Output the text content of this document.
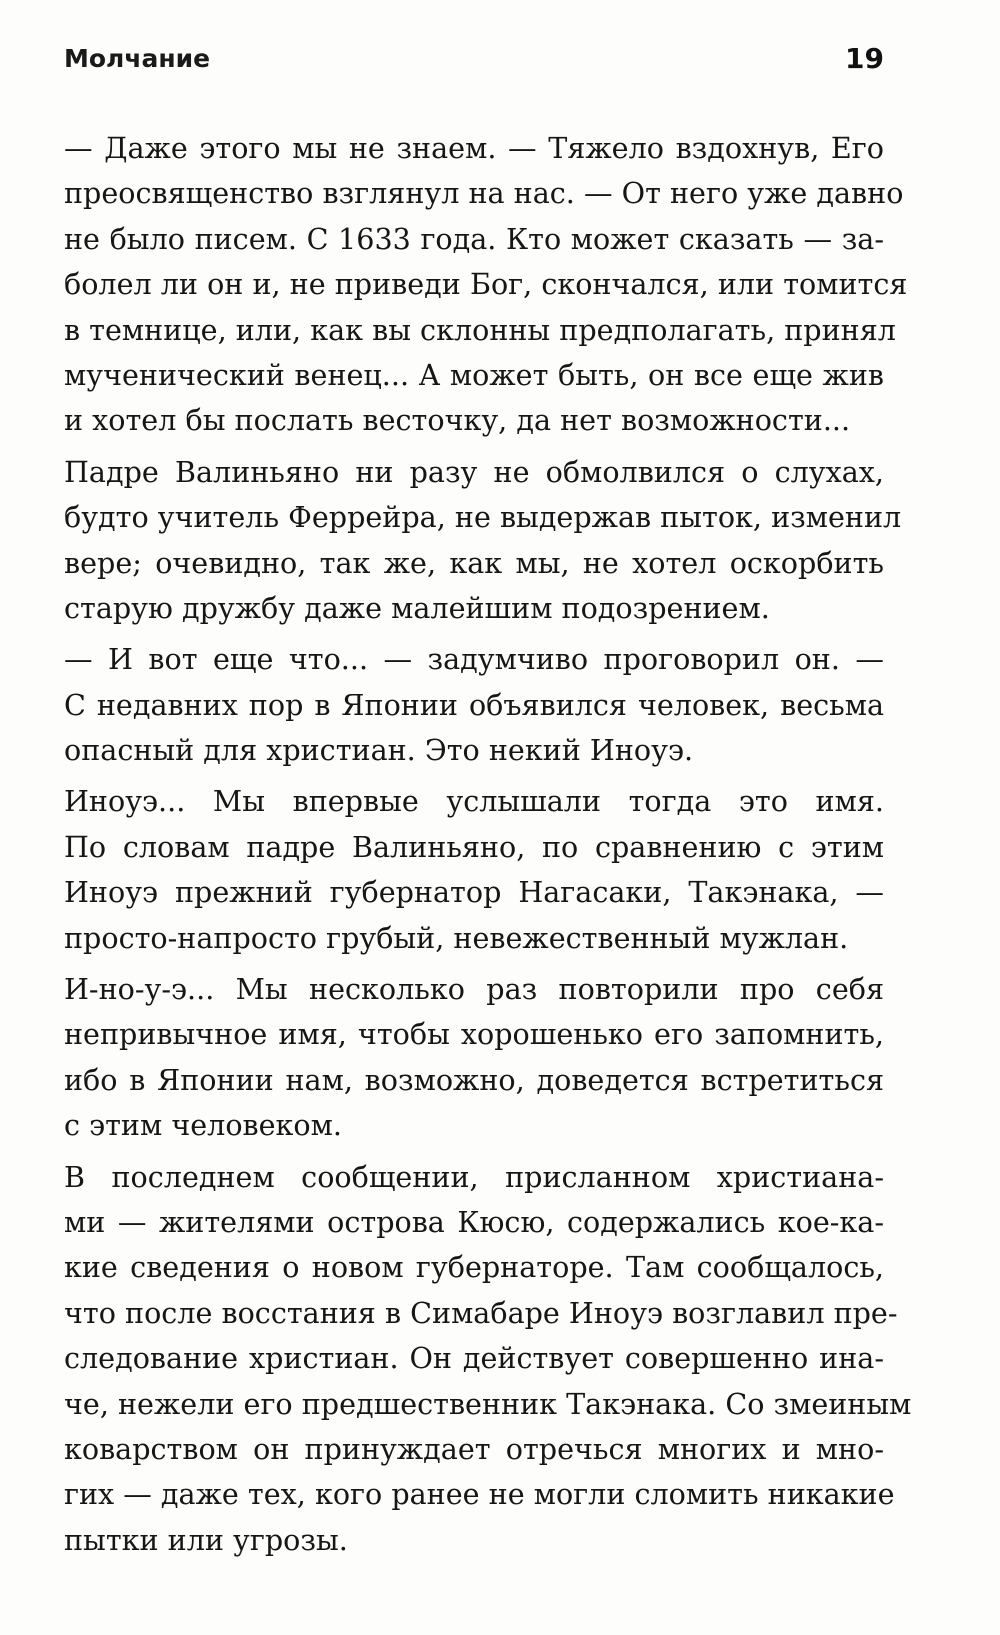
Молчание	19
— Даже этого мы не знаем. — Тяжело вздохнув, Его
преосвященство взглянул на нас. — От него уже давно
не было писем. С 1633 года. Кто может сказать — за-
болел ли он и, не приведи Бог, скончался, или томится
в темнице, или, как вы склонны предполагать, принял
мученический венец... А может быть, он все еще жив
и хотел бы послать весточку, да нет возможности...
Падре Валиньяно ни разу не обмолвился о слухах,
будто учитель Феррейра, не выдержав пыток, изменил
вере; очевидно, так же, как мы, не хотел оскорбить
старую дружбу даже малейшим подозрением.
— И вот еще что... — задумчиво проговорил он. —
С недавних пор в Японии объявился человек, весьма
опасный для христиан. Это некий Иноуэ.
Иноуэ... Мы впервые услышали тогда это имя.
По словам падре Валиньяно, по сравнению с этим
Иноуэ прежний губернатор Нагасаки, Такэнака, —
просто-напросто грубый, невежественный мужлан.
И-но-у-э... Мы несколько раз повторили про себя
непривычное имя, чтобы хорошенько его запомнить,
ибо в Японии нам, возможно, доведется встретиться
с этим человеком.
В последнем сообщении, присланном христиана-
ми — жителями острова Кюсю, содержались кое-ка-
кие сведения о новом губернаторе. Там сообщалось,
что после восстания в Симабаре Иноуэ возглавил пре-
следование христиан. Он действует совершенно ина-
че, нежели его предшественник Такэнака. Со змеиным
коварством он принуждает отречься многих и мно-
гих — даже тех, кого ранее не могли сломить никакие
пытки или угрозы.
